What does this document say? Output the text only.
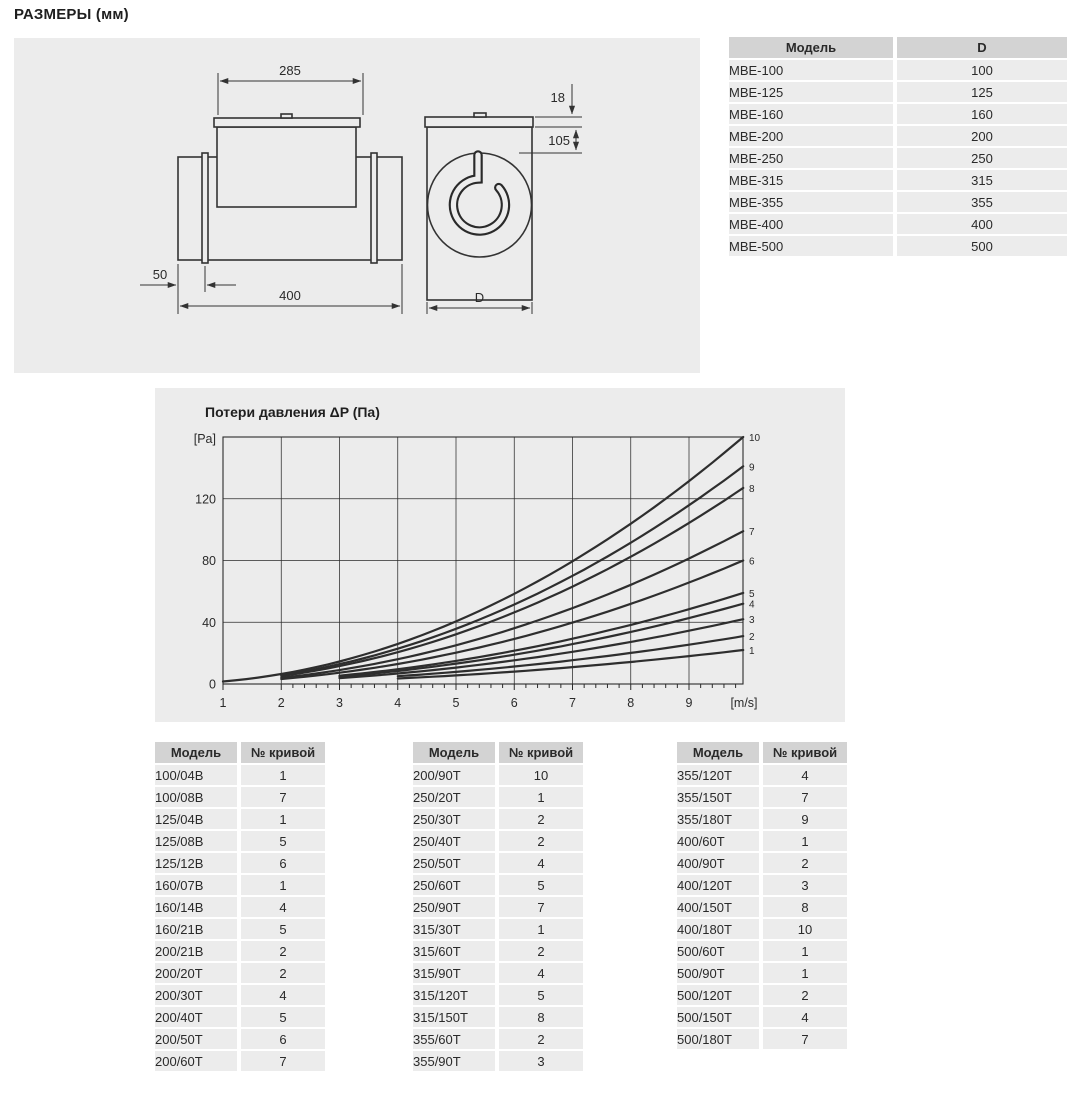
РАЗМЕРЫ (мм)
285
50
400
18
105
D
Модель	D
МВЕ-100	100
МВЕ-125	125
МВЕ-160	160
МВЕ-200	200
МВЕ-250	250
МВЕ-315	315
МВЕ-355	355
МВЕ-400	400
МВЕ-500	500
Потери давления ΔP (Па)
1	2	3	4	5	6	7	8	9
0
40
80
120
1
2
3
4
5
6
7
8
9
10
[Pa]
[m/s]
Модель	№ кривой
100/04В	1
100/08В	7
125/04В	1
125/08В	5
125/12В	6
160/07В	1
160/14В	4
160/21В	5
200/21В	2
200/20Т	2
200/30Т	4
200/40Т	5
200/50Т	6
200/60Т	7
Модель	№ кривой
200/90Т	10
250/20Т	1
250/30Т	2
250/40Т	2
250/50Т	4
250/60Т	5
250/90Т	7
315/30Т	1
315/60Т	2
315/90Т	4
315/120Т	5
315/150Т	8
355/60Т	2
355/90Т	3
Модель	№ кривой
355/120Т	4
355/150Т	7
355/180Т	9
400/60Т	1
400/90Т	2
400/120Т	3
400/150Т	8
400/180Т	10
500/60Т	1
500/90Т	1
500/120Т	2
500/150Т	4
500/180Т	7
